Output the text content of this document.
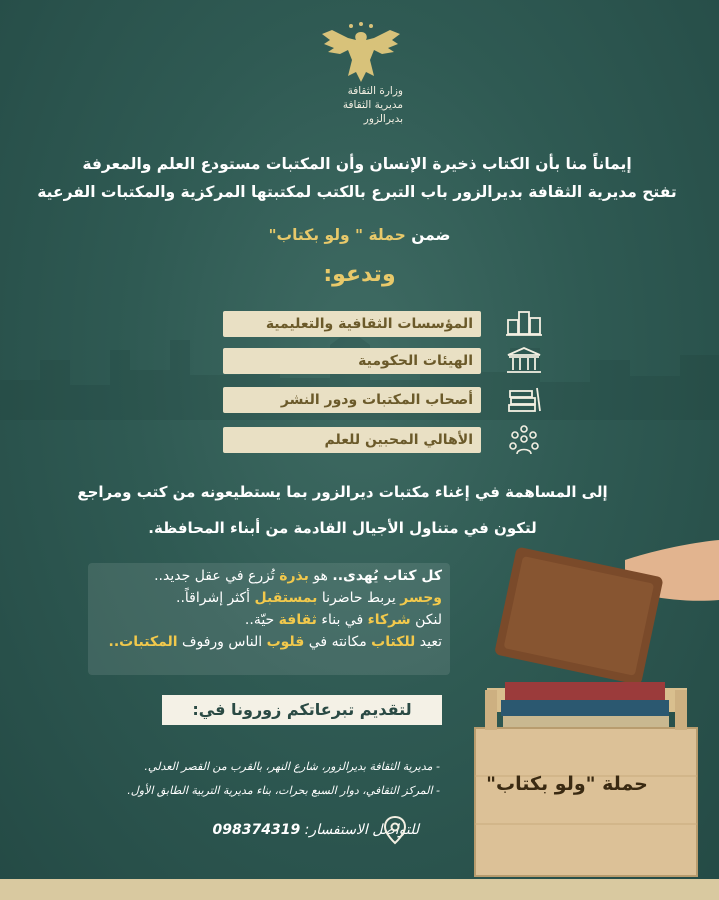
وزارة الثقافة
مديرية الثقافة
بديرالزور
إيماناً منا بأن الكتاب ذخيرة الإنسان وأن المكتبات مستودع العلم والمعرفة
تفتح مديرية الثقافة بديرالزور باب التبرع بالكتب لمكتبتها المركزية والمكتبات الفرعية
ضمن حملة " ولو بكتاب"
وتدعو:
المؤسسات الثقافية والتعليمية
الهيئات الحكومية
أصحاب المكتبات ودور النشر
الأهالي المحبين للعلم
إلى المساهمة في إغناء مكتبات ديرالزور بما يستطيعونه من كتب ومراجع
لتكون في متناول الأجيال القادمة من أبناء المحافظة.
كل كتاب يُهدى.. هو بذرة تُزرع في عقل جديد..
وجسر يربط حاضرنا بمستقبل أكثر إشراقاً..
لنكن شركاء في بناء ثقافة حيّة..
تعيد للكتاب مكانته في قلوب الناس ورفوف المكتبات..
حملة "ولو بكتاب"
لتقديم تبرعاتكم زورونا في:
- مديرية الثقافة بديرالزور، شارع النهر، بالقرب من القصر العدلي.
- المركز الثقافي، دوار السبع بحرات، بناء مديرية التربية الطابق الأول.
للتواصل الاستفسار: 098374319
